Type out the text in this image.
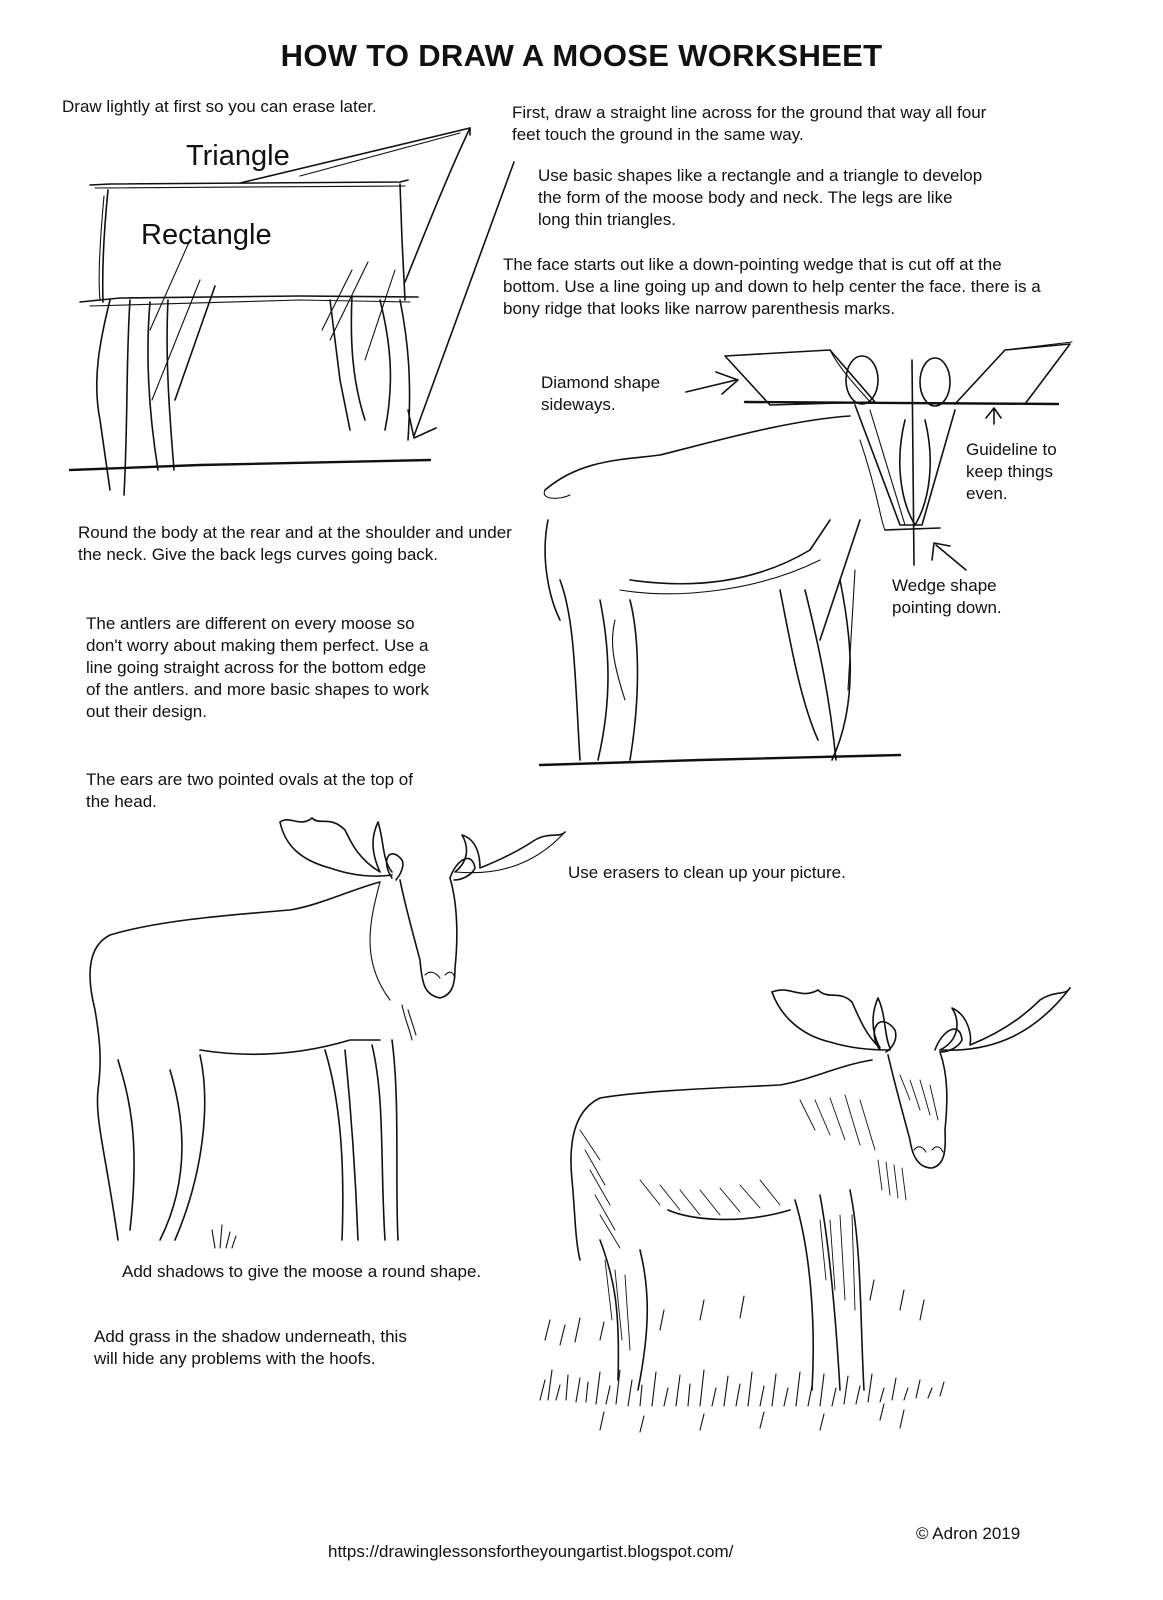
HOW TO DRAW A MOOSE WORKSHEET
Draw lightly at first so you can erase later.
Triangle
Rectangle
First, draw a straight line across for the ground that way all four feet touch the ground in the same way.
Use basic shapes like a rectangle and a triangle to develop the form of the moose body and neck. The legs are like long thin triangles.
The face starts out like a down-pointing wedge that is cut off at the bottom. Use a line going up and down to help center the face. there is a bony ridge that looks like narrow parenthesis marks.
Diamond shape sideways.
Guideline to keep things even.
Wedge shape pointing down.
Round the body at the rear and at the shoulder and under the neck. Give the back legs curves going back.
The antlers are different on every moose so don't worry about making them perfect. Use a line going straight across for the bottom edge of the antlers. and more basic shapes to work out their design.
The ears are two pointed ovals at the top of the head.
Use erasers to clean up your picture.
Add shadows to give the moose a round shape.
Add grass in the shadow underneath, this will hide any problems with the hoofs.
© Adron 2019
https://drawinglessonsfortheyoungartist.blogspot.com/
